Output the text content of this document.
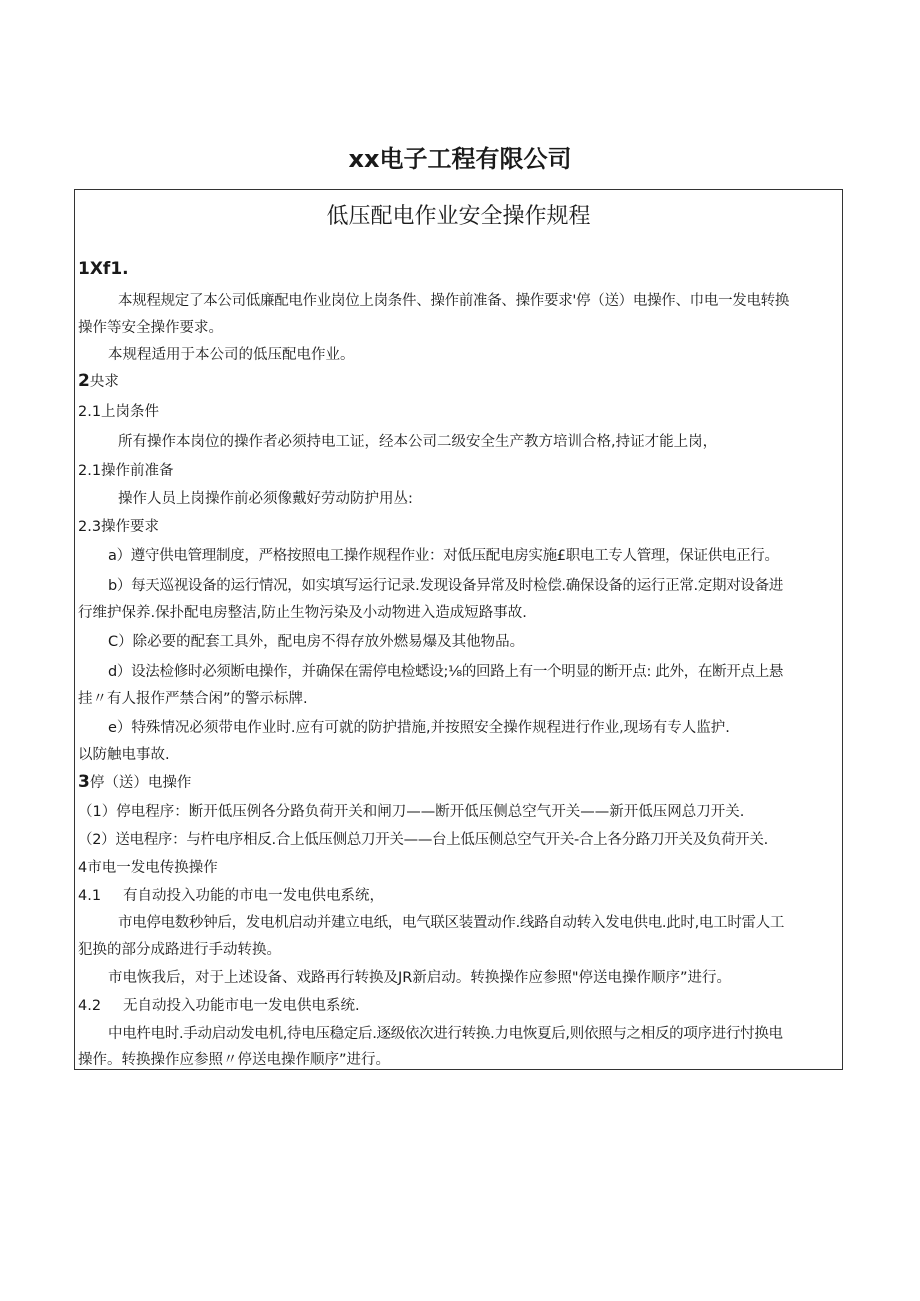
xx电子工程有限公司
低压配电作业安全操作规程
1Xf1.
本规程规定了本公司低廉配电作业岗位上岗条件、操作前准备、操作要求'停（送）电操作、巾电一发电转换
操作等安全操作要求。
本规程适用于本公司的低压配电作业。
2央求
2.1上岗条件
所有操作本岗位的操作者必须持电工证，经本公司二级安全生产教方培训合格,持证才能上岗，
2.1操作前准备
操作人员上岗操作前必须像戴好劳动防护用丛:
2.3操作要求
a）遵守供电管理制度，严格按照电工操作规程作业：对低压配电房实施£职电工专人管理，保证供电正行。
b）每天巡视设备的运行情况，如实填写运行记录.发现设备异常及时检偿.确保设备的运行正常.定期对设备进
行维护保养.保扑配电房整洁,防止生物污染及小动物进入造成短路事故.
C）除必要的配套工具外，配电房不得存放外燃易爆及其他物品。
d）设法检修时必须断电操作，并确保在需停电检蟋设;⅛的回路上有一个明显的断开点: 此外，在断开点上悬
挂〃有人报作严禁合闲”的警示标牌.
e）特殊情况必须带电作业时.应有可就的防护措施,并按照安全操作规程进行作业,现场有专人监护.
以防触电事故.
3停（送）电操作
（1）停电程序：断开低压例各分路负荷开关和闸刀——断开低压侧总空气开关——新开低压网总刀开关.
（2）送电程序：与杵电序相反.合上低压侧总刀开关——台上低压侧总空气开关-合上各分路刀开关及负荷开关.
4市电一发电传换操作
4.1 有自动投入功能的市电一发电供电系统，
市电停电数秒钟后，发电机启动并建立电纸，电气联区装置动作.线路自动转入发电供电.此时,电工时雷人工
犯换的部分成路进行手动转换。
市电恢我后，对于上述设备、戏路再行转换及JR新启动。转换操作应参照"停送电操作顺序”进行。
4.2 无自动投入功能市电一发电供电系统.
中电杵电时.手动启动发电机,待电压稳定后.逐级依次进行转换.力电恢夏后,则依照与之相反的项序进行忖换电
操作。转换操作应参照〃停送电操作顺序”进行。
